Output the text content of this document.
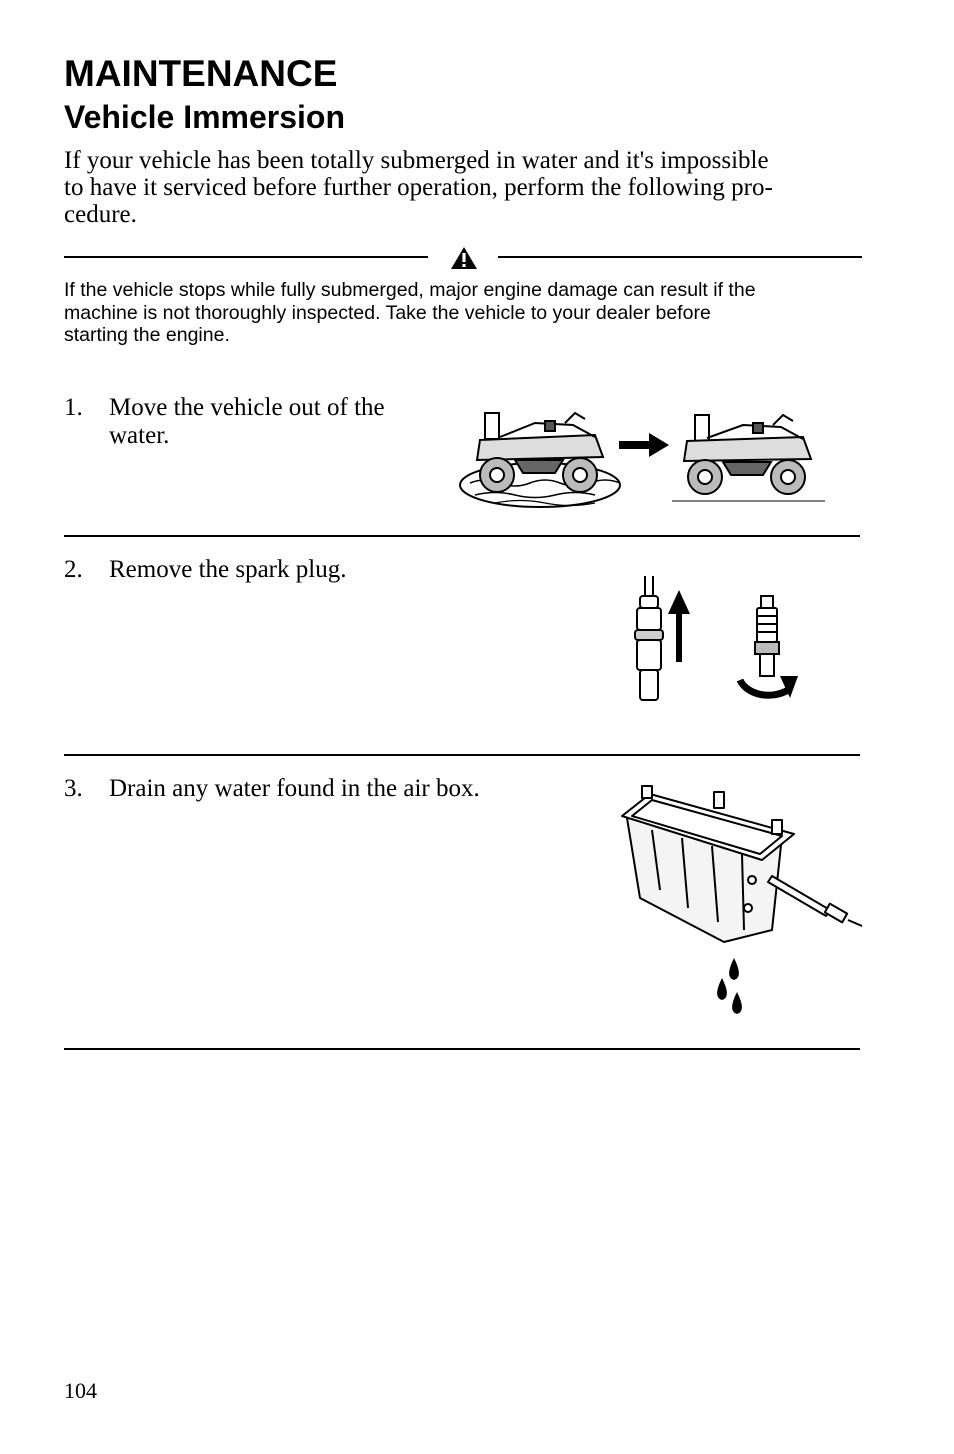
MAINTENANCE
Vehicle Immersion

If your vehicle has been totally submerged in water and it's impossible
to have it serviced before further operation, perform the following pro-
cedure.

If the vehicle stops while fully submerged, major engine damage can result if the
machine is not thoroughly inspected. Take the vehicle to your dealer before
starting the engine.

1. Move the vehicle out of the
water.
2. Remove the spark plug.
3. Drain any water found in the air box.
104
